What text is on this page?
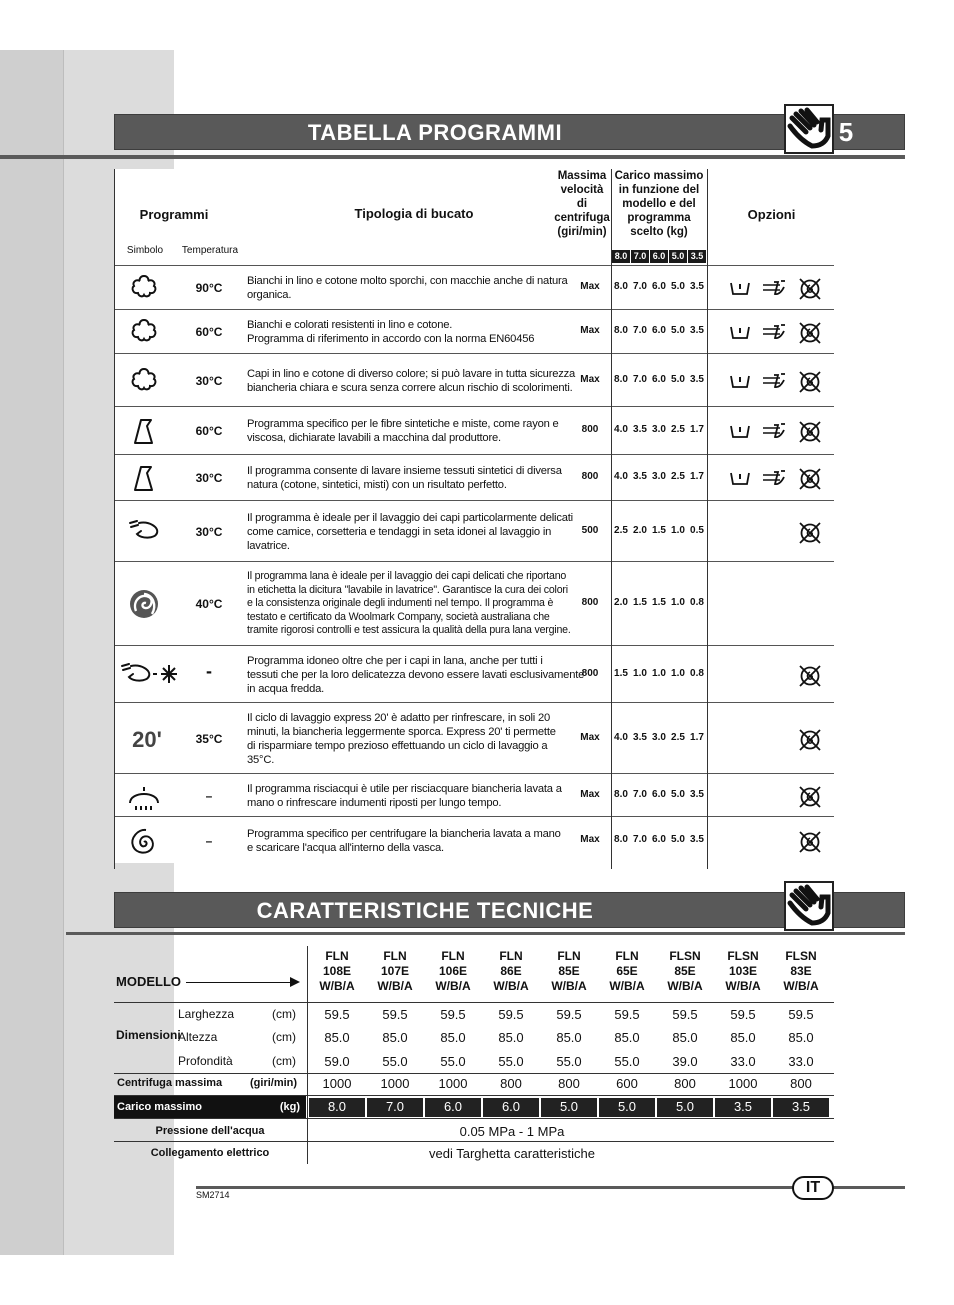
TABELLA PROGRAMMI	5
Programmi	Tipologia di bucato
Massima
velocità di
centrifuga
(giri/min)
Carico massimo
in funzione del
modello e del
programma
scelto (kg)
Opzioni
Simbolo	Temperatura	8.0 7.0 6.0 5.0 3.5
90°C	Bianchi in lino e cotone molto sporchi, con macchie anche di natura
organica.
Max	8.0 7.0 6.0 5.0 3.5
60°C	Bianchi e colorati resistenti in lino e cotone.
Programma di riferimento in accordo con la norma EN60456
Max	8.0 7.0 6.0 5.0 3.5
30°C	Capi in lino e cotone di diverso colore; si può lavare in tutta sicurezza
biancheria chiara e scura senza correre alcun rischio di scolorimenti.
Max	8.0 7.0 6.0 5.0 3.5
60°C	Programma specifico per le fibre sintetiche e miste, come rayon e
viscosa, dichiarate lavabili a macchina dal produttore.
800	4.0 3.5 3.0 2.5 1.7
30°C	Il programma consente di lavare insieme tessuti sintetici di diversa
natura (cotone, sintetici, misti) con un risultato perfetto.
800	4.0 3.5 3.0 2.5 1.7
30°C
Il programma è ideale per il lavaggio dei capi particolarmente delicati
come camice, corsetteria e tendaggi in seta idonei al lavaggio in
lavatrice.
500	2.5 2.0 1.5 1.0 0.5
40°C
Il programma lana è ideale per il lavaggio dei capi delicati che riportano
in etichetta la dicitura "lavabile in lavatrice". Garantisce la cura dei colori
e la consistenza originale degli indumenti nel tempo. Il programma è
testato e certificato da Woolmark Company, società australiana che
tramite rigorosi controlli e test assicura la qualità della pura lana vergine.
800	2.0 1.5 1.5 1.0 0.8
-	Programma idoneo oltre che per i capi in lana, anche per tutti i
tessuti che per la loro delicatezza devono essere lavati esclusivamente
in acqua fredda.
800	1.5 1.0 1.0 1.0 0.8
20'	35°C
Il ciclo di lavaggio express 20' è adatto per rinfrescare, in soli 20
minuti, la biancheria leggermente sporca. Express 20' ti permette
di risparmiare tempo prezioso effettuando un ciclo di lavaggio a
35°C.
Max	4.0 3.5 3.0 2.5 1.7
–	Il programma risciacqui è utile per risciacquare biancheria lavata a
mano o rinfrescare indumenti riposti per lungo tempo.
Max	8.0 7.0 6.0 5.0 3.5
–	Programma specifico per centrifugare la biancheria lavata a mano
e scaricare l'acqua all'interno della vasca.
Max	8.0 7.0 6.0 5.0 3.5
CARATTERISTICHE TECNICHE
MODELLO
Dimensioni
FLN
108E
W/B/A
FLN
107E
W/B/A
FLN
106E
W/B/A
FLN
86E
W/B/A
FLN
85E
W/B/A
FLN
65E
W/B/A
FLSN
85E
W/B/A
FLSN
103E
W/B/A
FLSN
83E
W/B/A
Larghezza	(cm)	59.5	59.5	59.5	59.5	59.5	59.5	59.5	59.5	59.5
Altezza	(cm)	85.0	85.0	85.0	85.0	85.0	85.0	85.0	85.0	85.0
Profondità	(cm)	59.0	55.0	55.0	55.0	55.0	55.0	39.0	33.0	33.0
Centrifuga massima	(giri/min)	1000	1000	1000	800	800	600	800	1000	800
Carico massimo	(kg)	8.0	7.0	6.0	6.0	5.0	5.0	5.0	3.5	3.5
Pressione dell'acqua	0.05 MPa - 1 MPa
Collegamento elettrico	vedi Targhetta caratteristiche
SM2714	IT
